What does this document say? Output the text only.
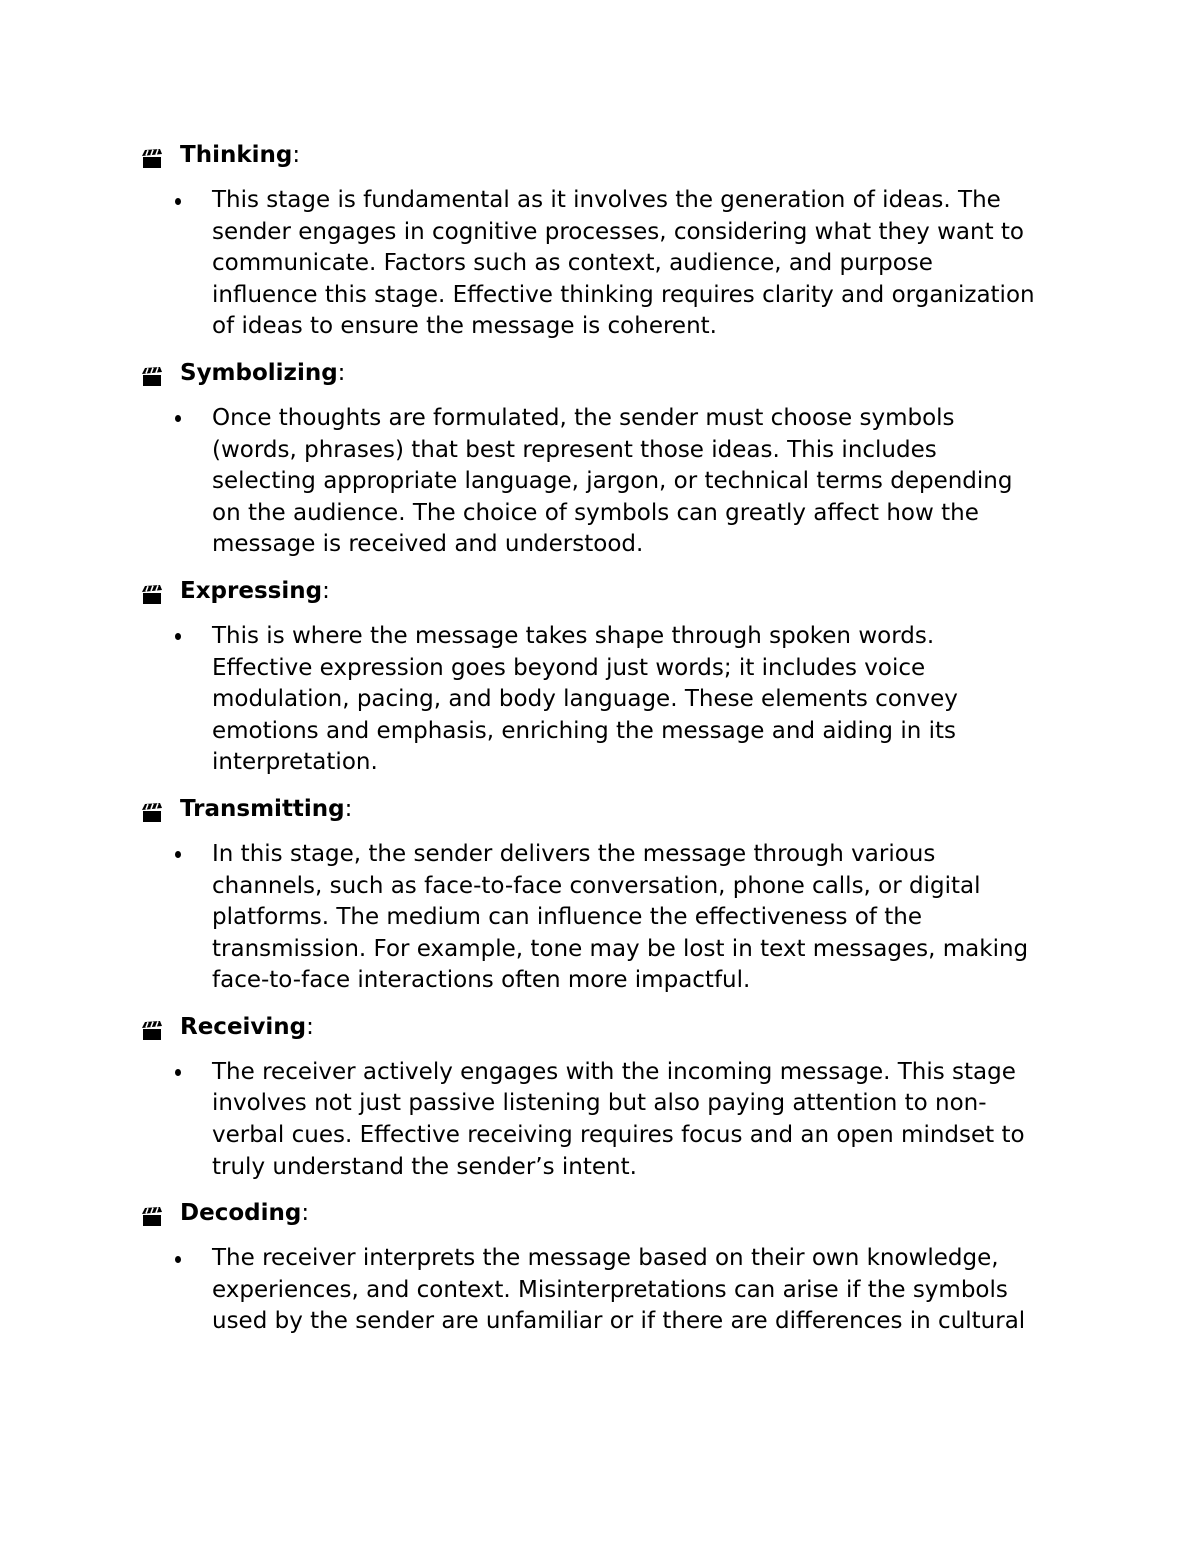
Thinking :
This stage is fundamental as it involves the generation of ideas. The
sender engages in cognitive processes, considering what they want to
communicate. Factors such as context, audience, and purpose
influence this stage. Effective thinking requires clarity and organization
of ideas to ensure the message is coherent.
Symbolizing :
Once thoughts are formulated, the sender must choose symbols
(words, phrases) that best represent those ideas. This includes
selecting appropriate language, jargon, or technical terms depending
on the audience. The choice of symbols can greatly affect how the
message is received and understood.
Expressing :
This is where the message takes shape through spoken words.
Effective expression goes beyond just words; it includes voice
modulation, pacing, and body language. These elements convey
emotions and emphasis, enriching the message and aiding in its
interpretation.
Transmitting :
In this stage, the sender delivers the message through various
channels, such as face-to-face conversation, phone calls, or digital
platforms. The medium can influence the effectiveness of the
transmission. For example, tone may be lost in text messages, making
face-to-face interactions often more impactful.
Receiving :
The receiver actively engages with the incoming message. This stage
involves not just passive listening but also paying attention to non-
verbal cues. Effective receiving requires focus and an open mindset to
truly understand the sender’s intent.
Decoding :
The receiver interprets the message based on their own knowledge,
experiences, and context. Misinterpretations can arise if the symbols
used by the sender are unfamiliar or if there are differences in cultural
